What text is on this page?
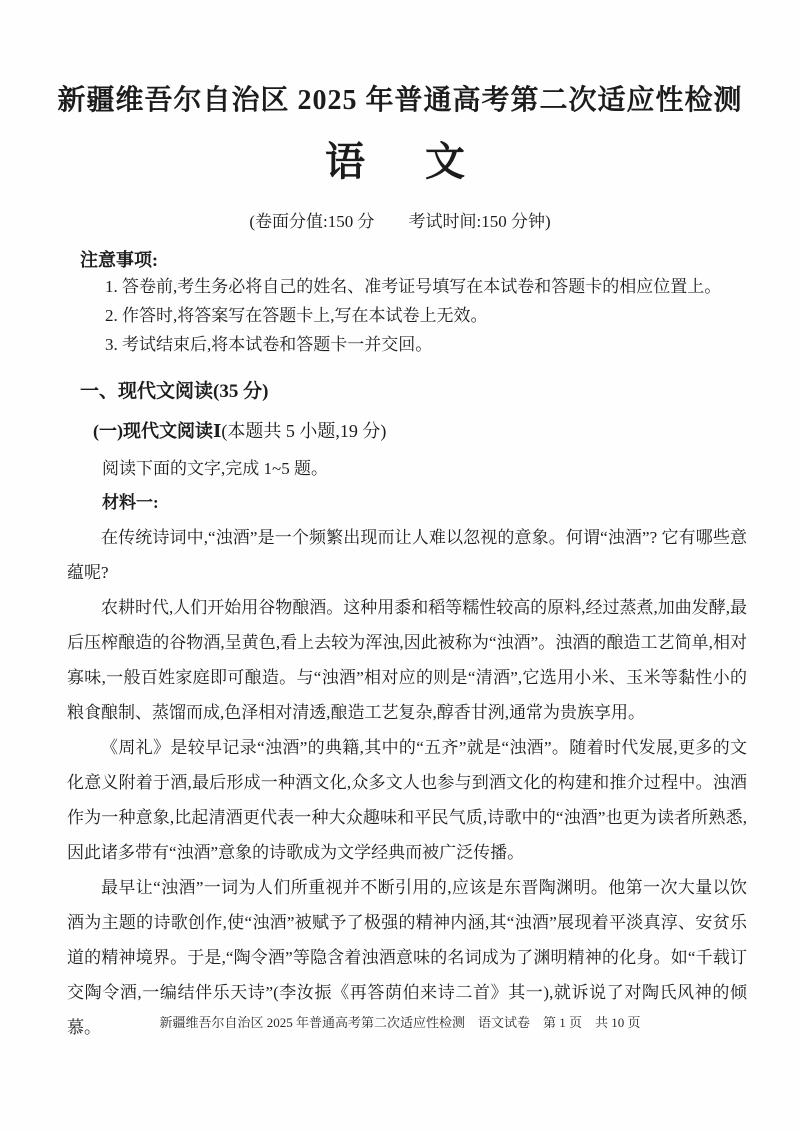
新疆维吾尔自治区 2025 年普通高考第二次适应性检测
语　文
(卷面分值:150 分　　考试时间:150 分钟)
注意事项:
1. 答卷前,考生务必将自己的姓名、准考证号填写在本试卷和答题卡的相应位置上。
2. 作答时,将答案写在答题卡上,写在本试卷上无效。
3. 考试结束后,将本试卷和答题卡一并交回。
一、现代文阅读(35 分)
(一)现代文阅读Ⅰ(本题共 5 小题,19 分)
阅读下面的文字,完成 1~5 题。
材料一:

在传统诗词中,“浊酒”是一个频繁出现而让人难以忽视的意象。何谓“浊酒”? 它有哪些意蕴呢?

农耕时代,人们开始用谷物酿酒。这种用黍和稻等糯性较高的原料,经过蒸煮,加曲发酵,最后压榨酿造的谷物酒,呈黄色,看上去较为浑浊,因此被称为“浊酒”。浊酒的酿造工艺简单,相对寡味,一般百姓家庭即可酿造。与“浊酒”相对应的则是“清酒”,它选用小米、玉米等黏性小的粮食酿制、蒸馏而成,色泽相对清透,酿造工艺复杂,醇香甘洌,通常为贵族享用。

《周礼》是较早记录“浊酒”的典籍,其中的“五齐”就是“浊酒”。随着时代发展,更多的文化意义附着于酒,最后形成一种酒文化,众多文人也参与到酒文化的构建和推介过程中。浊酒作为一种意象,比起清酒更代表一种大众趣味和平民气质,诗歌中的“浊酒”也更为读者所熟悉,因此诸多带有“浊酒”意象的诗歌成为文学经典而被广泛传播。

最早让“浊酒”一词为人们所重视并不断引用的,应该是东晋陶渊明。他第一次大量以饮酒为主题的诗歌创作,使“浊酒”被赋予了极强的精神内涵,其“浊酒”展现着平淡真淳、安贫乐道的精神境界。于是,“陶令酒”等隐含着浊酒意味的名词成为了渊明精神的化身。如“千载订交陶令酒,一编结伴乐天诗”(李汝振《再答荫伯来诗二首》其一),就诉说了对陶氏风神的倾慕。	新疆维吾尔自治区 2025 年普通高考第二次适应性检测　语文试卷　第 1 页　共 10 页
